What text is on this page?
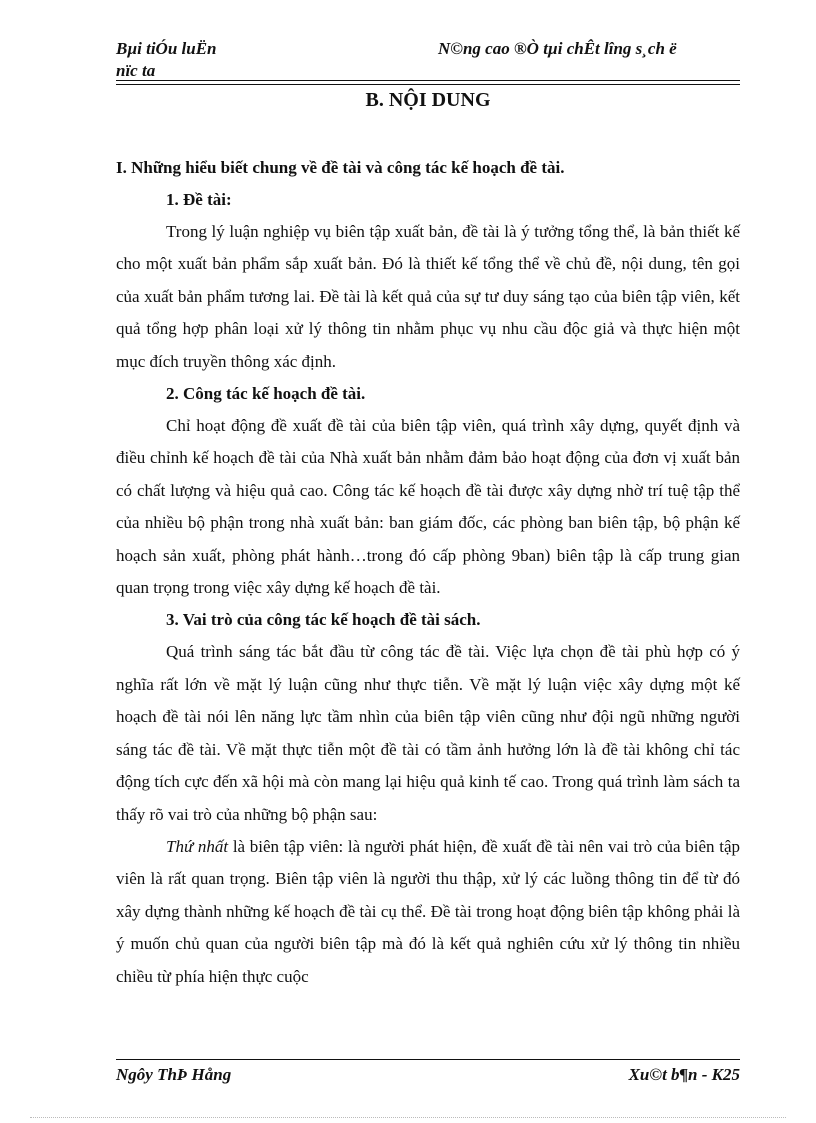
Bµi tiÓu luËn
nïc ta
N©ng cao ®Ò tµi chÊt lîng s¸ch ë
B. NỘI DUNG

I. Những hiểu biết chung về đề tài và công tác kế hoạch đề tài.

1. Đề tài:

Trong lý luận nghiệp vụ biên tập xuất bản, đề tài là ý tưởng tổng thể, là bản thiết kế cho một xuất bản phẩm sắp xuất bản. Đó là thiết kế tổng thể về chủ đề, nội dung, tên gọi của xuất bản phẩm tương lai. Đề tài là kết quả của sự tư duy sáng tạo của biên tập viên, kết quả tổng hợp phân loại xử lý thông tin nhằm phục vụ nhu cầu độc giả và thực hiện một mục đích truyền thông xác định.

2. Công tác kế hoạch đề tài.

Chỉ hoạt động đề xuất đề tài của biên tập viên, quá trình xây dựng, quyết định và điều chỉnh kế hoạch đề tài của Nhà xuất bản nhằm đảm bảo hoạt động của đơn vị xuất bản có chất lượng và hiệu quả cao. Công tác kế hoạch đề tài được xây dựng nhờ trí tuệ tập thể của nhiều bộ phận trong nhà xuất bản: ban giám đốc, các phòng ban biên tập, bộ phận kế hoạch sản xuất, phòng phát hành…trong đó cấp phòng 9ban) biên tập là cấp trung gian quan trọng trong việc xây dựng kế hoạch đề tài.

3. Vai trò của công tác kế hoạch đề tài sách.

Quá trình sáng tác bắt đầu từ công tác đề tài. Việc lựa chọn đề tài phù hợp có ý nghĩa rất lớn về mặt lý luận cũng như thực tiễn. Về mặt lý luận việc xây dựng một kế hoạch đề tài nói lên năng lực tầm nhìn của biên tập viên cũng như đội ngũ những người sáng tác đề tài. Về mặt thực tiễn một đề tài có tầm ảnh hưởng lớn là đề tài không chỉ tác động tích cực đến xã hội mà còn mang lại hiệu quả kinh tế cao. Trong quá trình làm sách ta thấy rõ vai trò của những bộ phận sau:

Thứ nhất là biên tập viên: là người phát hiện, đề xuất đề tài nên vai trò của biên tập viên là rất quan trọng. Biên tập viên là người thu thập, xử lý các luồng thông tin để từ đó xây dựng thành những kế hoạch đề tài cụ thể. Đề tài trong hoạt động biên tập không phải là ý muốn chủ quan của người biên tập mà đó là kết quả nghiên cứu xử lý thông tin nhiều chiều từ phía hiện thực cuộc

Ngôy ThÞ Hång	Xu©t b¶n - K25
